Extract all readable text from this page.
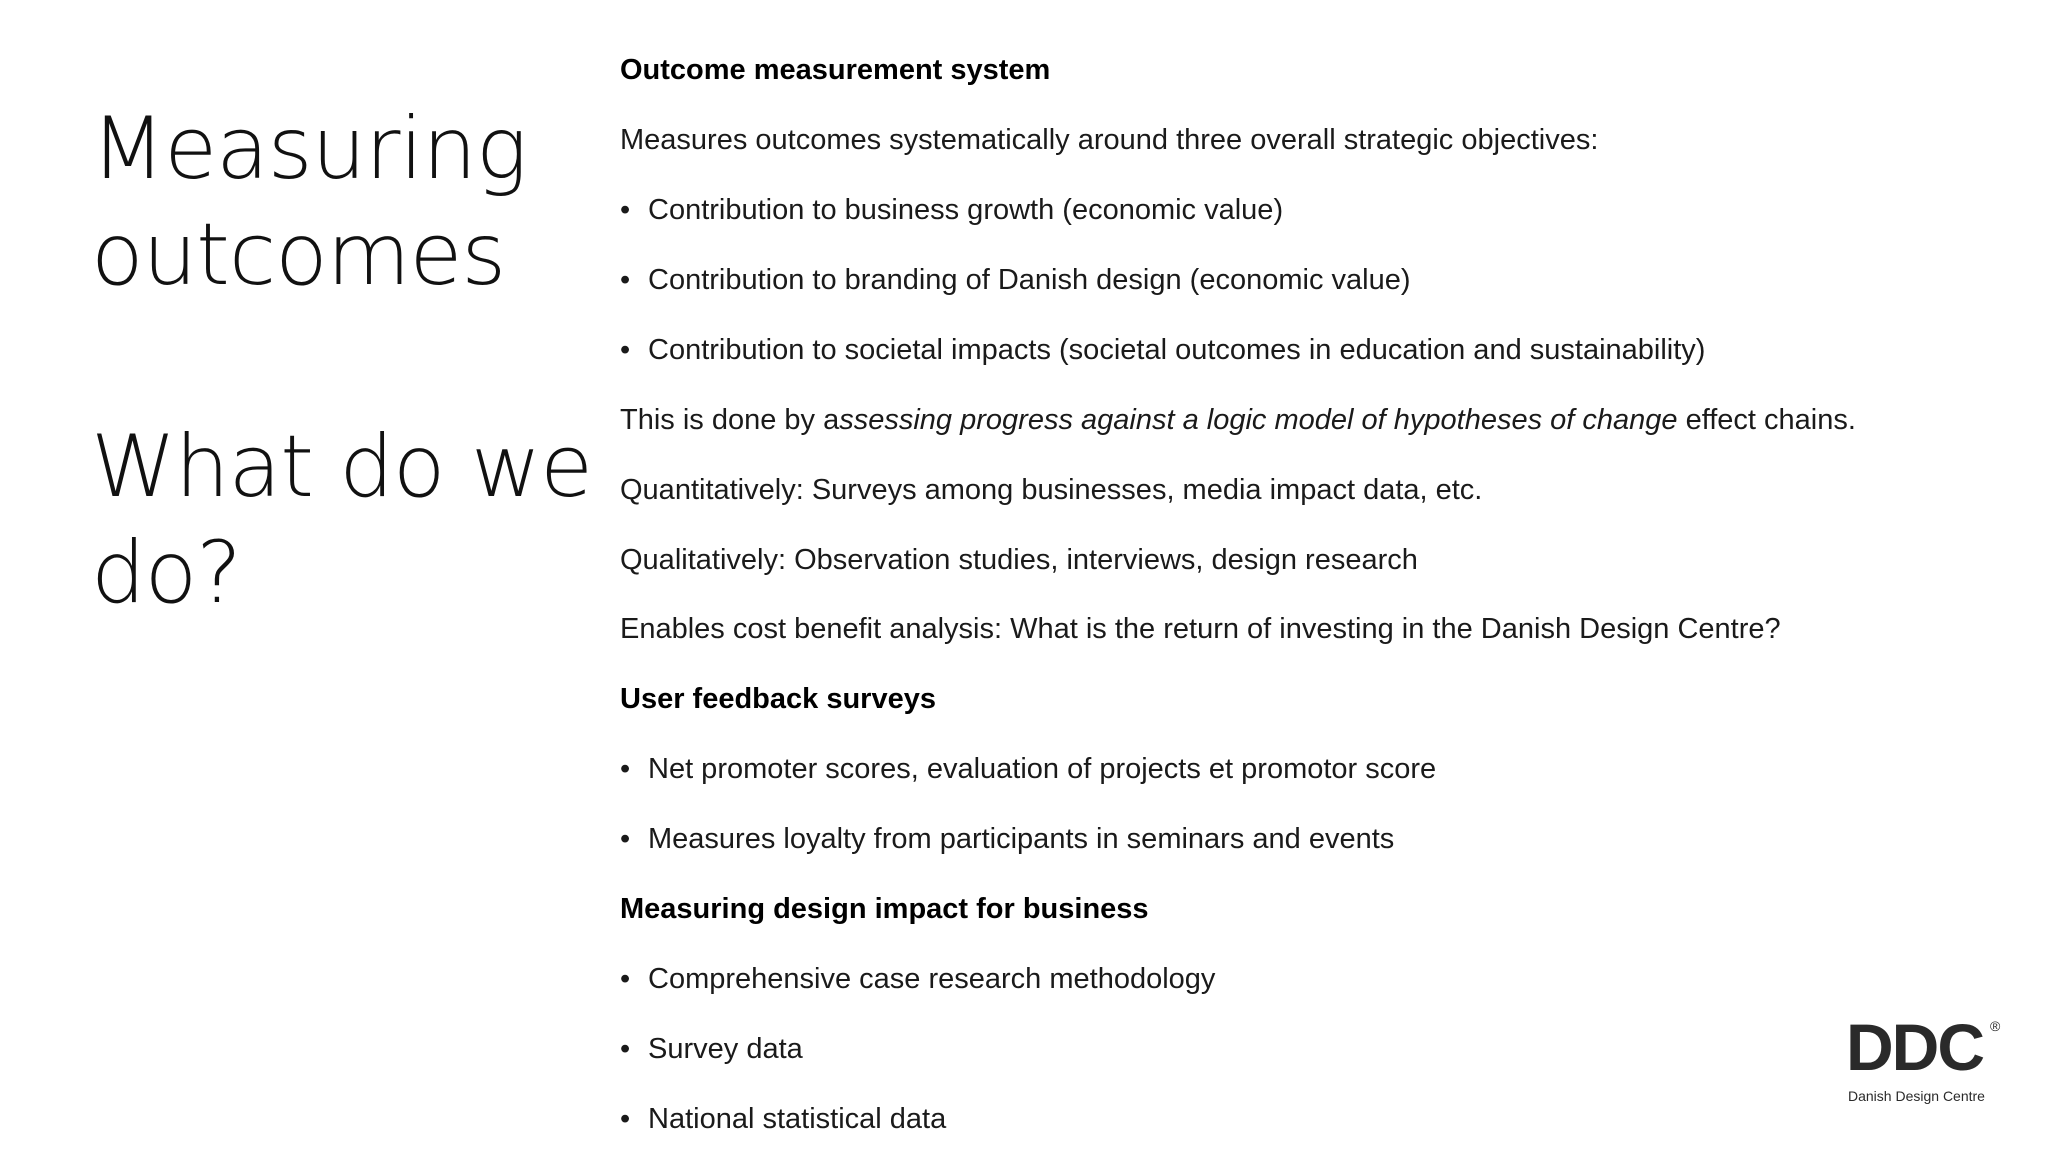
Measuring
outcomes
What do we
do?
Outcome measurement system
Measures outcomes systematically around three overall strategic objectives:
• Contribution to business growth (economic value)
• Contribution to branding of Danish design (economic value)
• Contribution to societal impacts (societal outcomes in education and sustainability)
This is done by assessing progress against a logic model of hypotheses of change effect chains.
Quantitatively: Surveys among businesses, media impact data, etc.
Qualitatively: Observation studies, interviews, design research
Enables cost benefit analysis: What is the return of investing in the Danish Design Centre?
User feedback surveys
• Net promoter scores, evaluation of projects et promotor score
• Measures loyalty from participants in seminars and events
Measuring design impact for business
• Comprehensive case research methodology
• Survey data
• National statistical data
DDC ®
Danish Design Centre
